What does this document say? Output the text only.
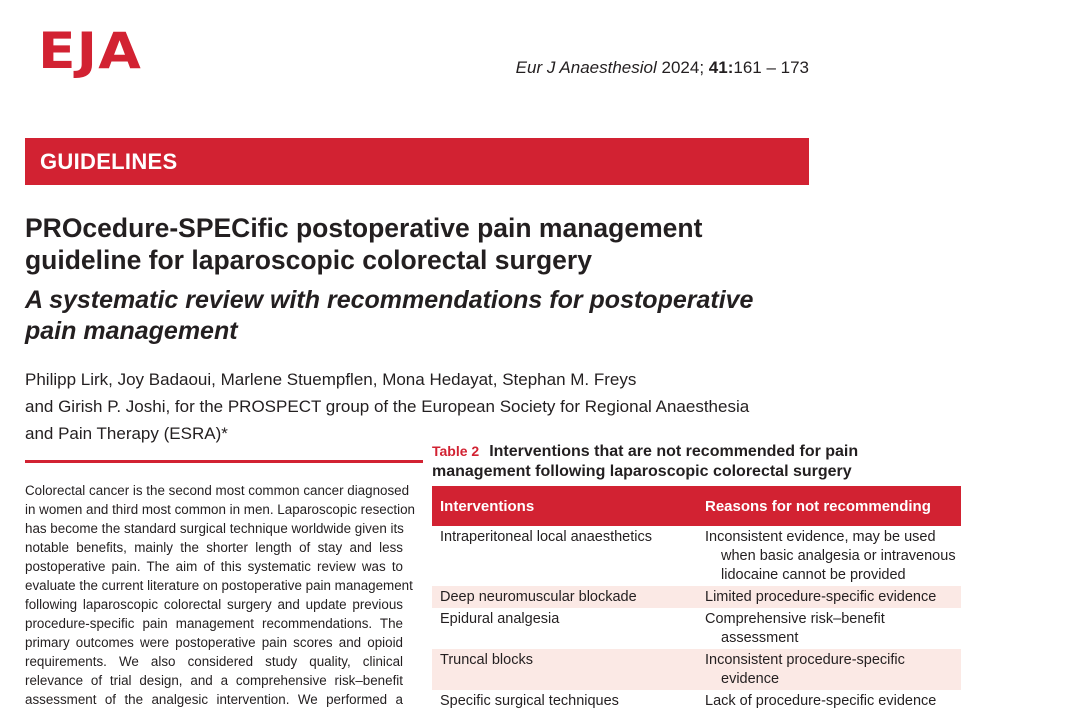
EJA	Eur J Anaesthesiol 2024; 41:161 – 173
GUIDELINES
PROcedure-SPECific postoperative pain management
guideline for laparoscopic colorectal surgery
A systematic review with recommendations for postoperative
pain management
Philipp Lirk, Joy Badaoui, Marlene Stuempflen, Mona Hedayat, Stephan M. Freys
and Girish P. Joshi, for the PROSPECT group of the European Society for Regional Anaesthesia
and Pain Therapy (ESRA)*
Colorectal cancer is the second most common cancer diagnosed
in women and third most common in men. Laparoscopic resection
has become the standard surgical technique worldwide given its
notable benefits, mainly the shorter length of stay and less
postoperative pain. The aim of this systematic review was to
evaluate the current literature on postoperative pain management
following laparoscopic colorectal surgery and update previous
procedure-specific pain management recommendations. The
primary outcomes were postoperative pain scores and opioid
requirements. We also considered study quality, clinical
relevance of trial design, and a comprehensive risk–benefit
assessment of the analgesic intervention. We performed a
Table 2 Interventions that are not recommended for pain
management following laparoscopic colorectal surgery
Interventions	Reasons for not recommending
Intraperitoneal local anaesthetics	Inconsistent evidence, may be used
when basic analgesia or intravenous
lidocaine cannot be provided
Deep neuromuscular blockade	Limited procedure-specific evidence
Epidural analgesia	Comprehensive risk–benefit
assessment
Truncal blocks	Inconsistent procedure-specific
evidence
Specific surgical techniques	Lack of procedure-specific evidence
